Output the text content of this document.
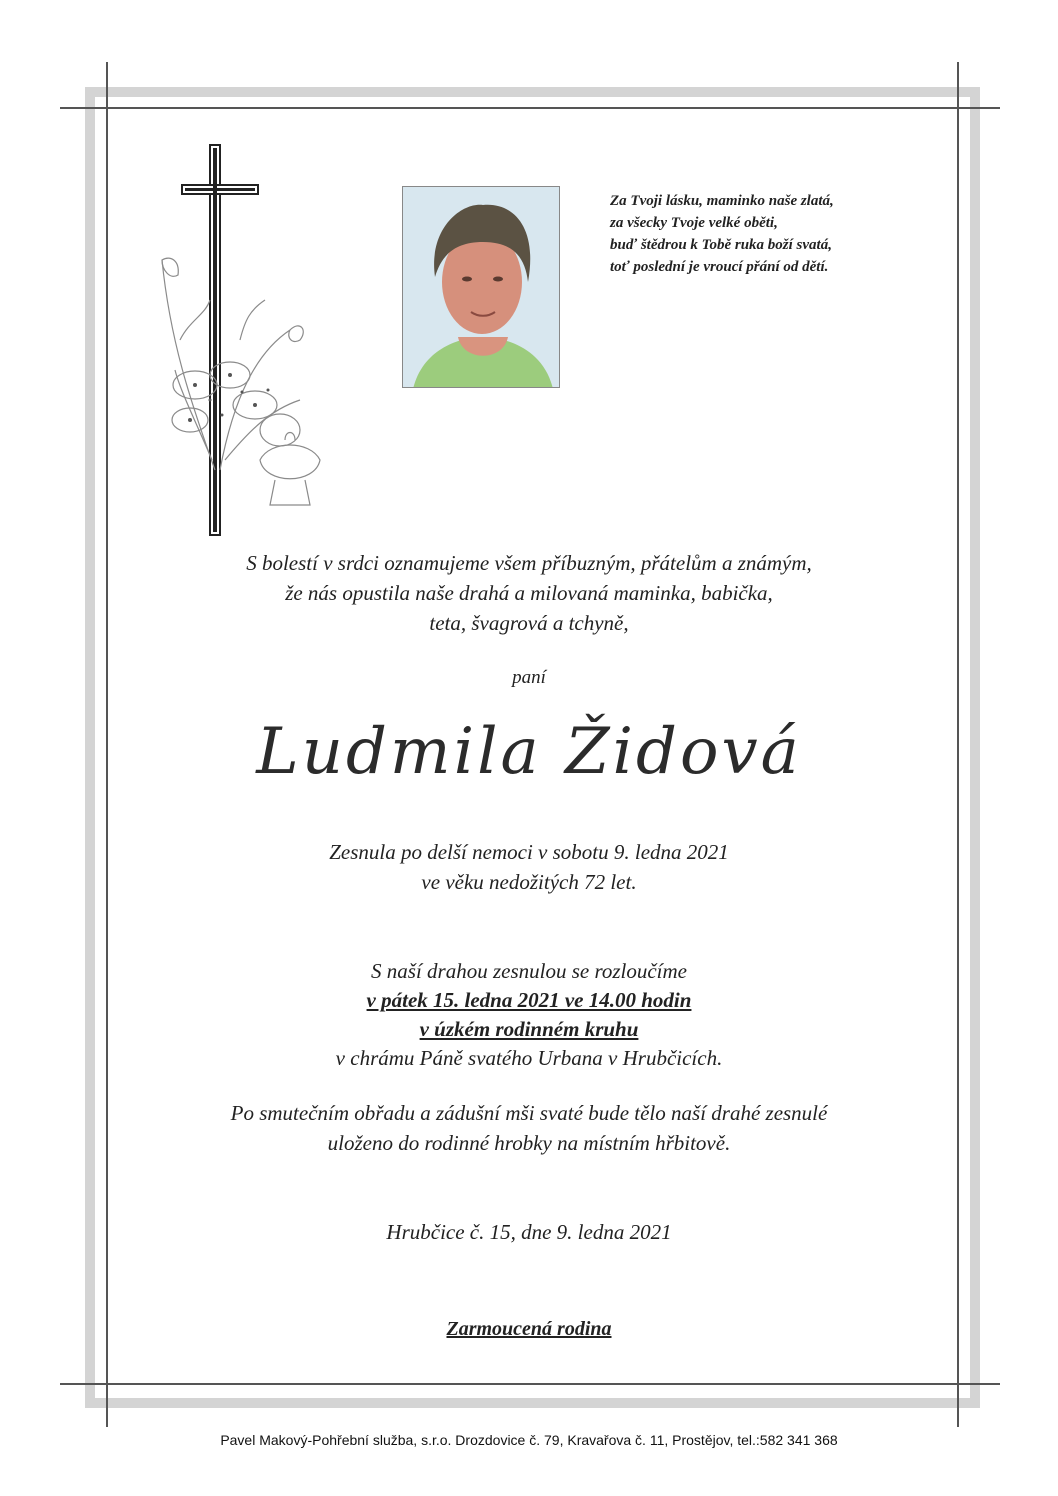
Za Tvoji lásku, maminko naše zlatá,
za všecky Tvoje velké oběti,
buď štědrou k Tobě ruka boží svatá,
toť poslední je vroucí přání od dětí.
S bolestí v srdci oznamujeme všem příbuzným, přátelům a známým,
že nás opustila naše drahá a milovaná maminka, babička,
teta, švagrová a tchyně,
paní
Ludmila Židová
Zesnula po delší nemoci v sobotu 9. ledna 2021
ve věku nedožitých 72 let.
S naší drahou zesnulou se rozloučíme
v pátek 15. ledna 2021 ve 14.00 hodin
v úzkém rodinném kruhu
v chrámu Páně svatého Urbana v Hrubčicích.
Po smutečním obřadu a zádušní mši svaté bude tělo naší drahé zesnulé
uloženo do rodinné hrobky na místním hřbitově.
Hrubčice č. 15, dne 9. ledna 2021
Zarmoucená rodina
Pavel Makový-Pohřební služba, s.r.o. Drozdovice č. 79, Kravařova č. 11, Prostějov, tel.:582 341 368
